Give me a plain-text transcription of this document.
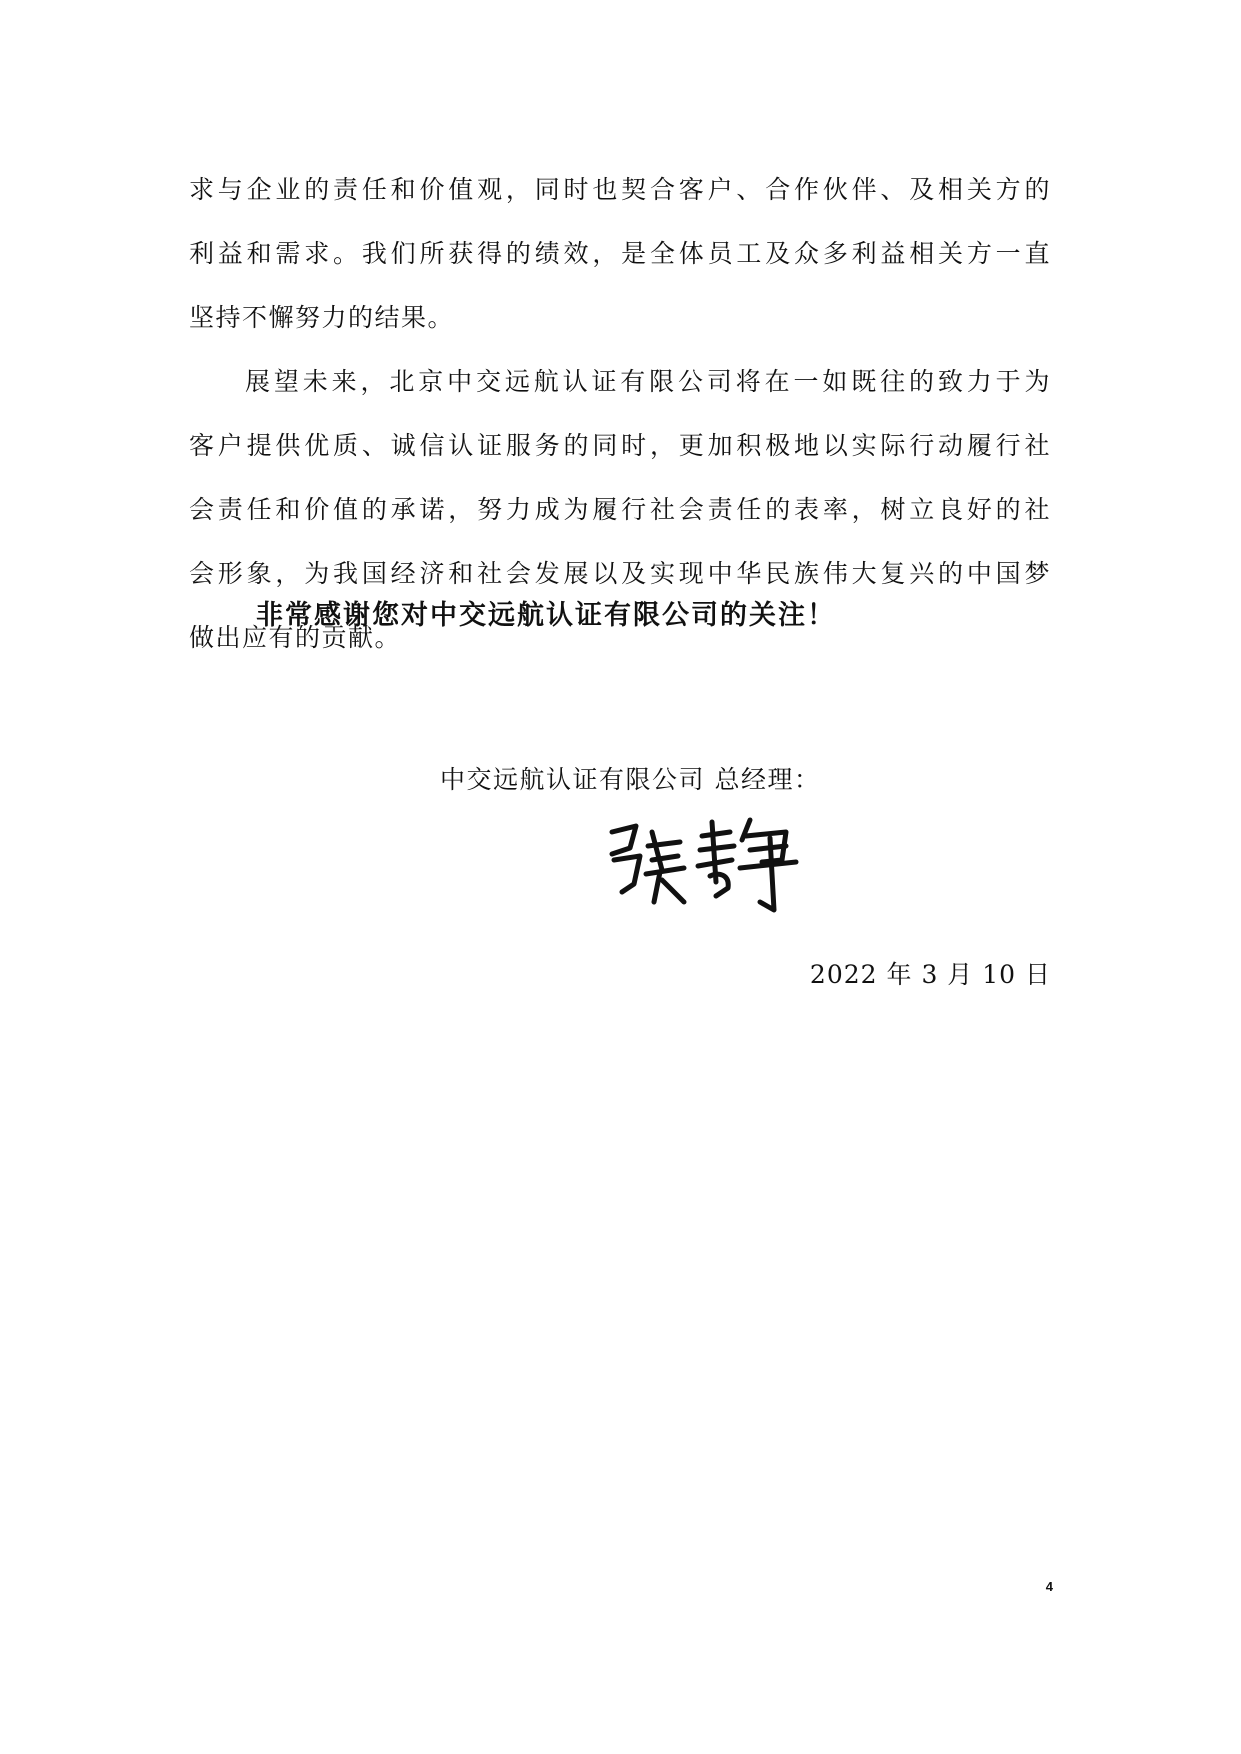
求与企业的责任和价值观，同时也契合客户、合作伙伴、及相关方的
利益和需求。我们所获得的绩效，是全体员工及众多利益相关方一直
坚持不懈努力的结果。
展望未来，北京中交远航认证有限公司将在一如既往的致力于为
客户提供优质、诚信认证服务的同时，更加积极地以实际行动履行社
会责任和价值的承诺，努力成为履行社会责任的表率，树立良好的社
会形象，为我国经济和社会发展以及实现中华民族伟大复兴的中国梦
做出应有的贡献。
非常感谢您对中交远航认证有限公司的关注！
中交远航认证有限公司 总经理：
2022 年 3 月 10 日
4
